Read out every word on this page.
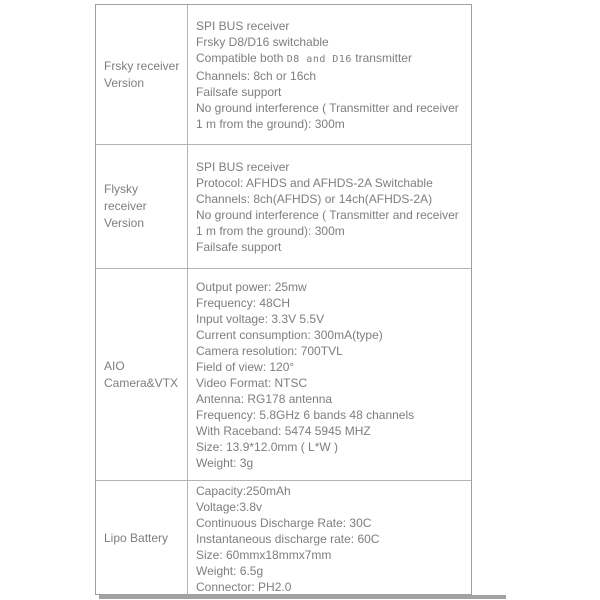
Frsky receiver Version
SPI BUS receiver
Frsky D8/D16 switchable
Compatible both D8 and D16 transmitter
Channels: 8ch or 16ch
Failsafe support
No ground interference ( Transmitter and receiver 1 m from the ground): 300m
Flysky receiver Version
SPI BUS receiver
Protocol: AFHDS and AFHDS-2A Switchable
Channels: 8ch(AFHDS) or 14ch(AFHDS-2A)
No ground interference ( Transmitter and receiver 1 m from the ground): 300m
Failsafe support
AIO Camera&VTX
Output power: 25mw
Frequency: 48CH
Input voltage: 3.3V 5.5V
Current consumption: 300mA(type)
Camera resolution: 700TVL
Field of view: 120°
Video Format: NTSC
Antenna: RG178 antenna
Frequency: 5.8GHz 6 bands 48 channels
With Raceband: 5474 5945 MHZ
Size: 13.9*12.0mm ( L*W )
Weight: 3g
Lipo Battery
Capacity:250mAh
Voltage:3.8v
Continuous Discharge Rate: 30C
Instantaneous discharge rate: 60C
Size: 60mmx18mmx7mm
Weight: 6.5g
Connector: PH2.0
